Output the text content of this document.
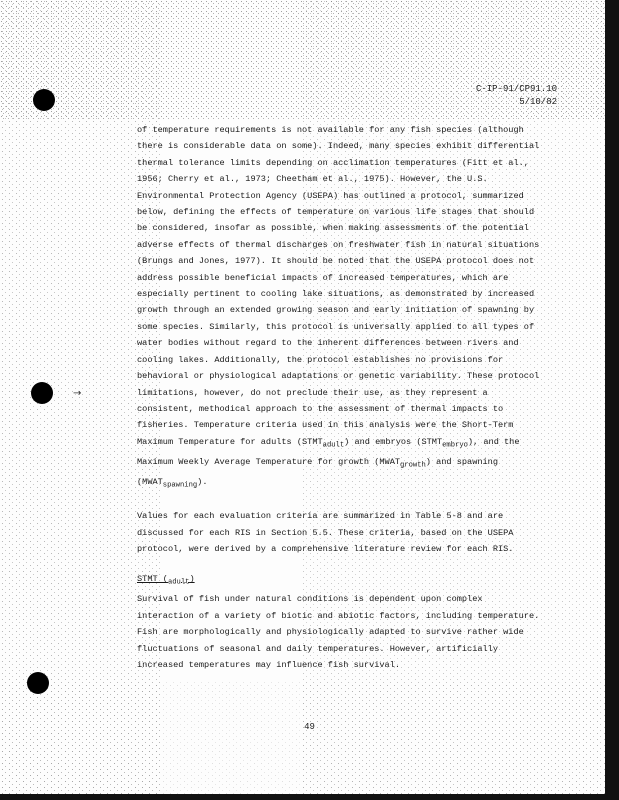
→
C-IP-91/CP91.10
5/10/82

of temperature requirements is not available for any fish species (although there is considerable data on some). Indeed, many species exhibit differential thermal tolerance limits depending on acclimation temperatures (Fitt et al., 1956; Cherry et al., 1973; Cheetham et al., 1975). However, the U.S. Environmental Protection Agency (USEPA) has outlined a protocol, summarized below, defining the effects of temperature on various life stages that should be considered, insofar as possible, when making assessments of the potential adverse effects of thermal discharges on freshwater fish in natural situations (Brungs and Jones, 1977). It should be noted that the USEPA protocol does not address possible beneficial impacts of increased temperatures, which are especially pertinent to cooling lake situations, as demonstrated by increased growth through an extended growing season and early initiation of spawning by some species. Similarly, this protocol is universally applied to all types of water bodies without regard to the inherent differences between rivers and cooling lakes. Additionally, the protocol establishes no provisions for behavioral or physiological adaptations or genetic variability. These protocol limitations, however, do not preclude their use, as they represent a consistent, methodical approach to the assessment of thermal impacts to fisheries. Temperature criteria used in this analysis were the Short-Term Maximum Temperature for adults $(STMT_{adult})$ and embryos $(STMT_{embryo})$, and the Maximum Weekly Average Temperature for growth $(MWAT_{growth})$ and spawning $(MWAT_{spawning})$.

Values for each evaluation criteria are summarized in Table 5-8 and are discussed for each RIS in Section 5.5. These criteria, based on the USEPA protocol, were derived by a comprehensive literature review for each RIS.

STMT $(_{adult})$

Survival of fish under natural conditions is dependent upon complex interaction of a variety of biotic and abiotic factors, including temperature. Fish are morphologically and physiologically adapted to survive rather wide fluctuations of seasonal and daily temperatures. However, artificially increased temperatures may influence fish survival.

49
